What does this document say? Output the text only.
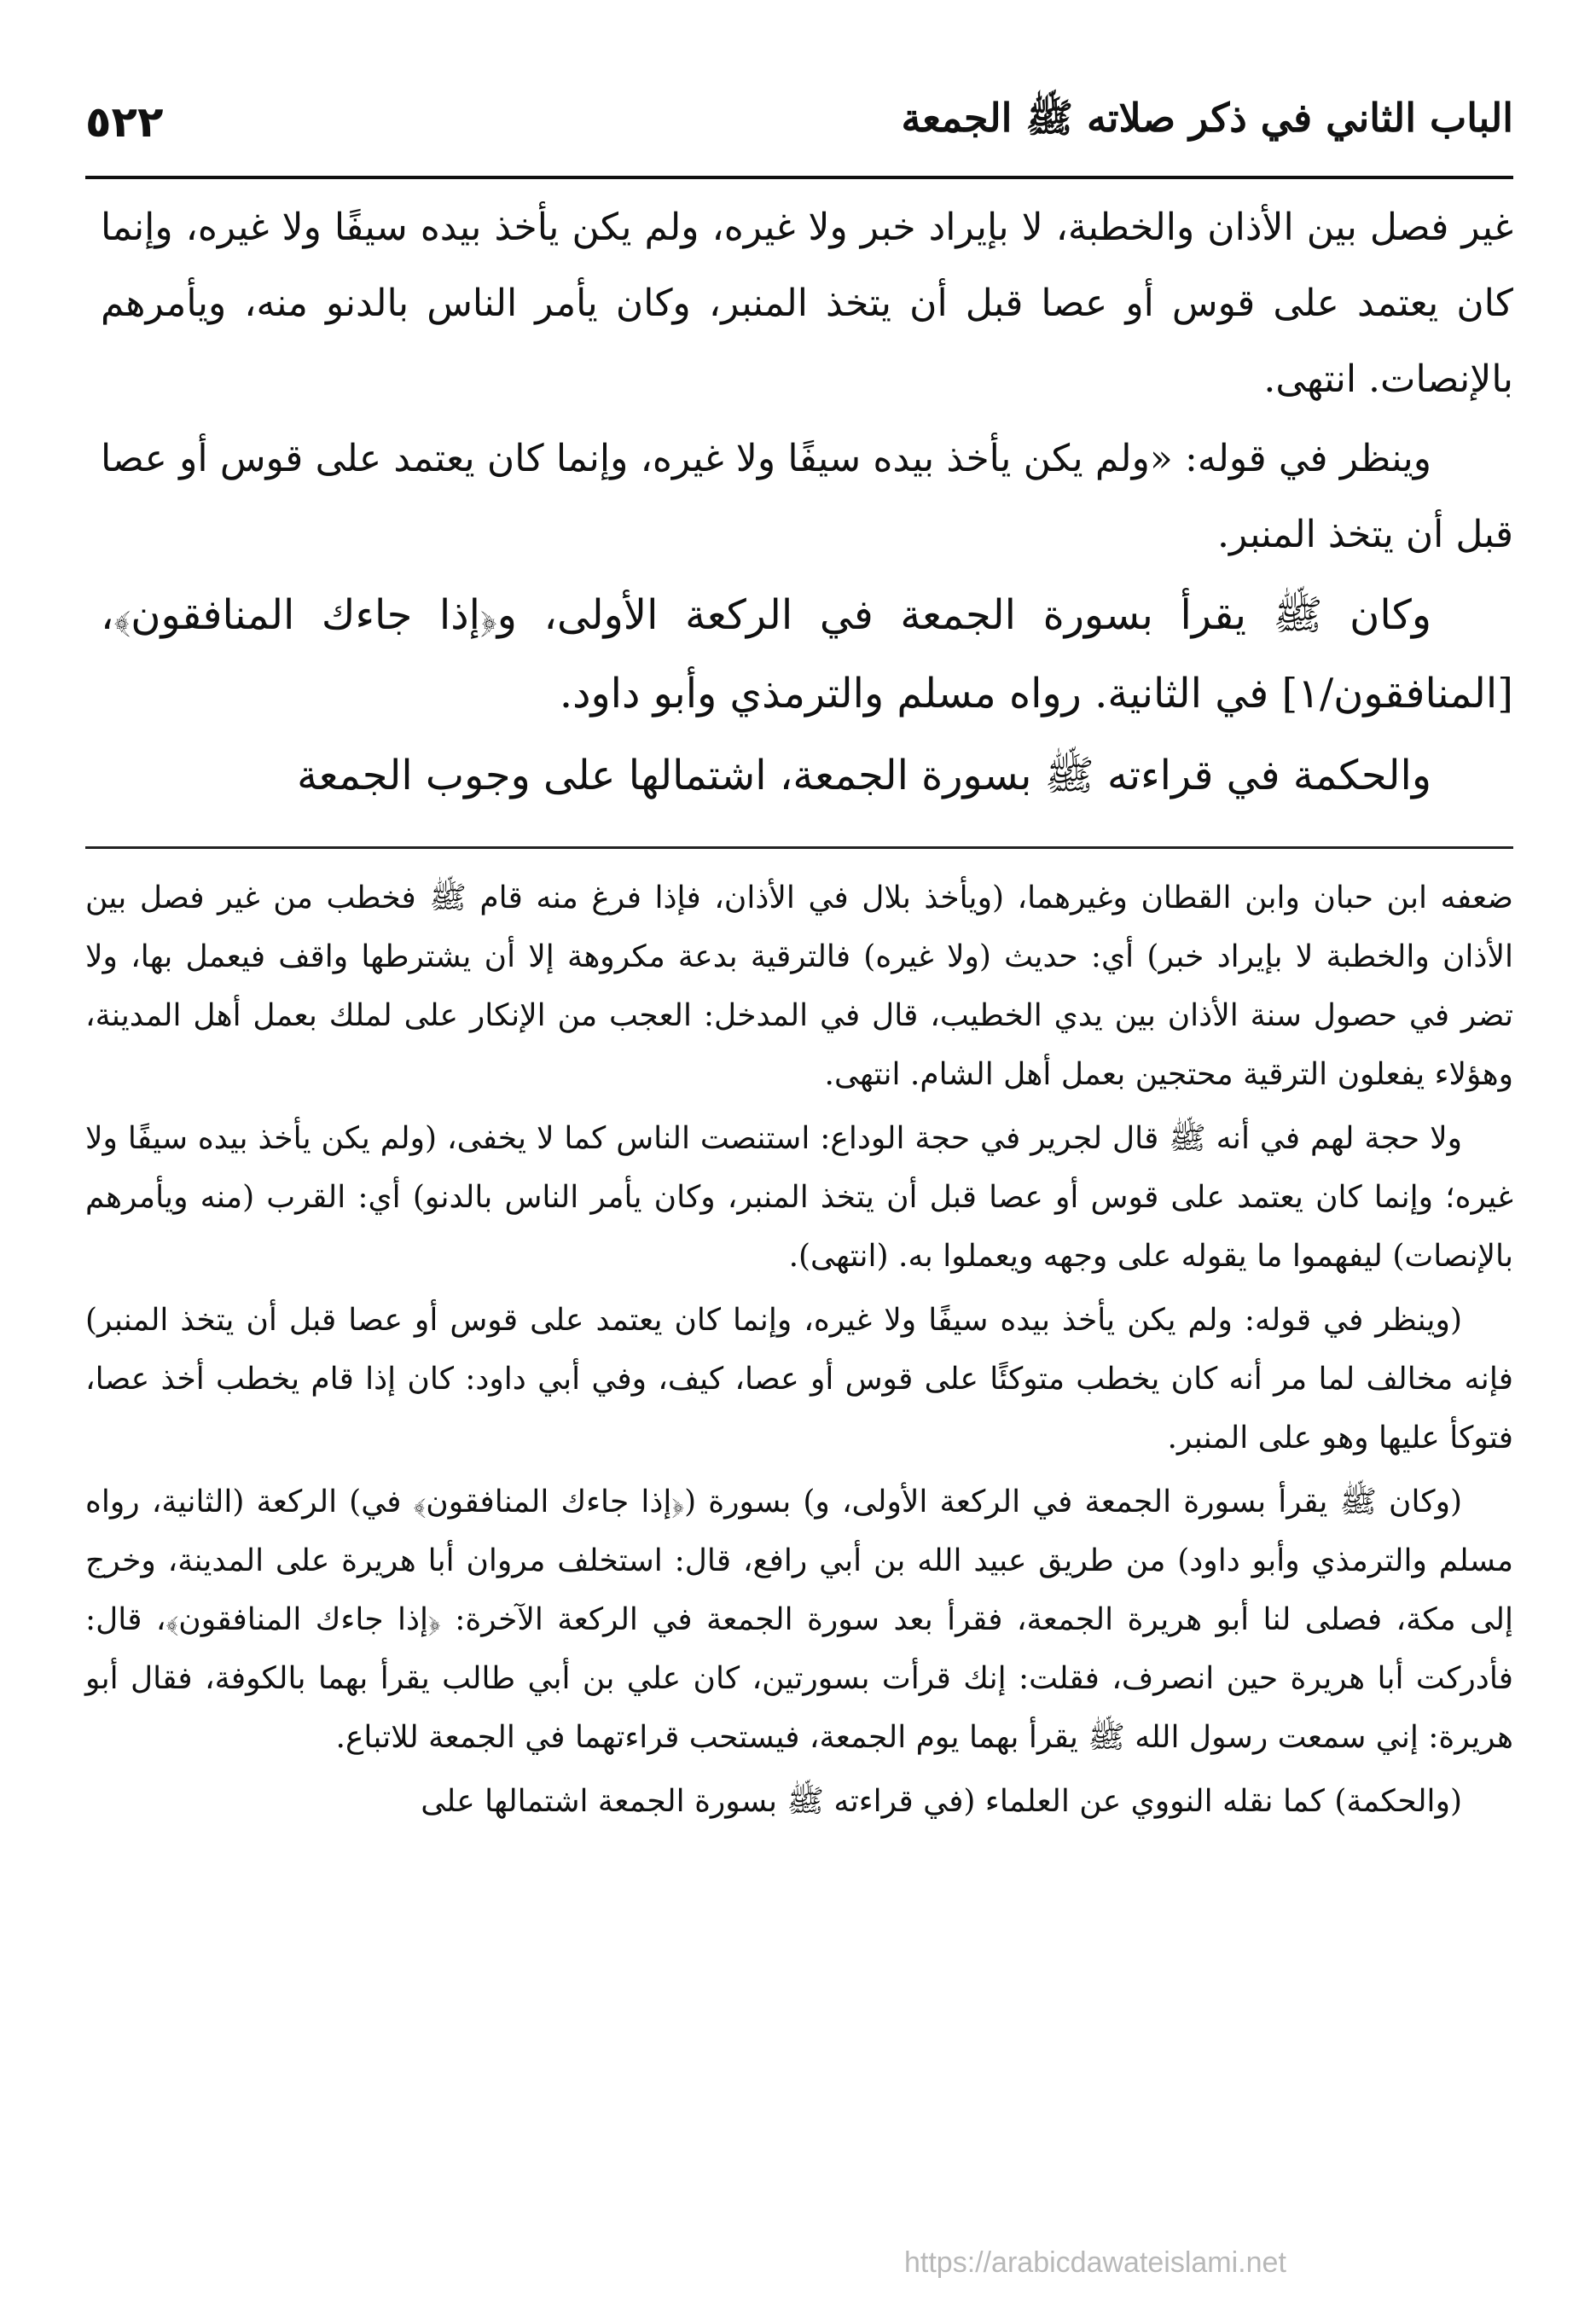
الباب الثاني في ذكر صلاته ﷺ الجمعة
٥٢٢

غير فصل بين الأذان والخطبة، لا بإيراد خبر ولا غيره، ولم يكن يأخذ بيده سيفًا ولا غيره، وإنما كان يعتمد على قوس أو عصا قبل أن يتخذ المنبر، وكان يأمر الناس بالدنو منه، ويأمرهم بالإنصات. انتهى.

وينظر في قوله: «ولم يكن يأخذ بيده سيفًا ولا غيره، وإنما كان يعتمد على قوس أو عصا قبل أن يتخذ المنبر.

وكان ﷺ يقرأ بسورة الجمعة في الركعة الأولى، و﴿إذا جاءك المنافقون﴾، [المنافقون/١] في الثانية. رواه مسلم والترمذي وأبو داود.

والحكمة في قراءته ﷺ بسورة الجمعة، اشتمالها على وجوب الجمعة

ضعفه ابن حبان وابن القطان وغيرهما، (ويأخذ بلال في الأذان، فإذا فرغ منه قام ﷺ فخطب من غير فصل بين الأذان والخطبة لا بإيراد خبر) أي: حديث (ولا غيره) فالترقية بدعة مكروهة إلا أن يشترطها واقف فيعمل بها، ولا تضر في حصول سنة الأذان بين يدي الخطيب، قال في المدخل: العجب من الإنكار على لملك بعمل أهل المدينة، وهؤلاء يفعلون الترقية محتجين بعمل أهل الشام. انتهى.

ولا حجة لهم في أنه ﷺ قال لجرير في حجة الوداع: استنصت الناس كما لا يخفى، (ولم يكن يأخذ بيده سيفًا ولا غيره؛ وإنما كان يعتمد على قوس أو عصا قبل أن يتخذ المنبر، وكان يأمر الناس بالدنو) أي: القرب (منه ويأمرهم بالإنصات) ليفهموا ما يقوله على وجهه ويعملوا به. (انتهى).

(وينظر في قوله: ولم يكن يأخذ بيده سيفًا ولا غيره، وإنما كان يعتمد على قوس أو عصا قبل أن يتخذ المنبر) فإنه مخالف لما مر أنه كان يخطب متوكئًا على قوس أو عصا، كيف، وفي أبي داود: كان إذا قام يخطب أخذ عصا، فتوكأ عليها وهو على المنبر.

(وكان ﷺ يقرأ بسورة الجمعة في الركعة الأولى، و) بسورة (﴿إذا جاءك المنافقون﴾ في) الركعة (الثانية، رواه مسلم والترمذي وأبو داود) من طريق عبيد الله بن أبي رافع، قال: استخلف مروان أبا هريرة على المدينة، وخرج إلى مكة، فصلى لنا أبو هريرة الجمعة، فقرأ بعد سورة الجمعة في الركعة الآخرة: ﴿إذا جاءك المنافقون﴾، قال: فأدركت أبا هريرة حين انصرف، فقلت: إنك قرأت بسورتين، كان علي بن أبي طالب يقرأ بهما بالكوفة، فقال أبو هريرة: إني سمعت رسول الله ﷺ يقرأ بهما يوم الجمعة، فيستحب قراءتهما في الجمعة للاتباع.

(والحكمة) كما نقله النووي عن العلماء (في قراءته ﷺ بسورة الجمعة اشتمالها على

https://arabicdawateislami.net
